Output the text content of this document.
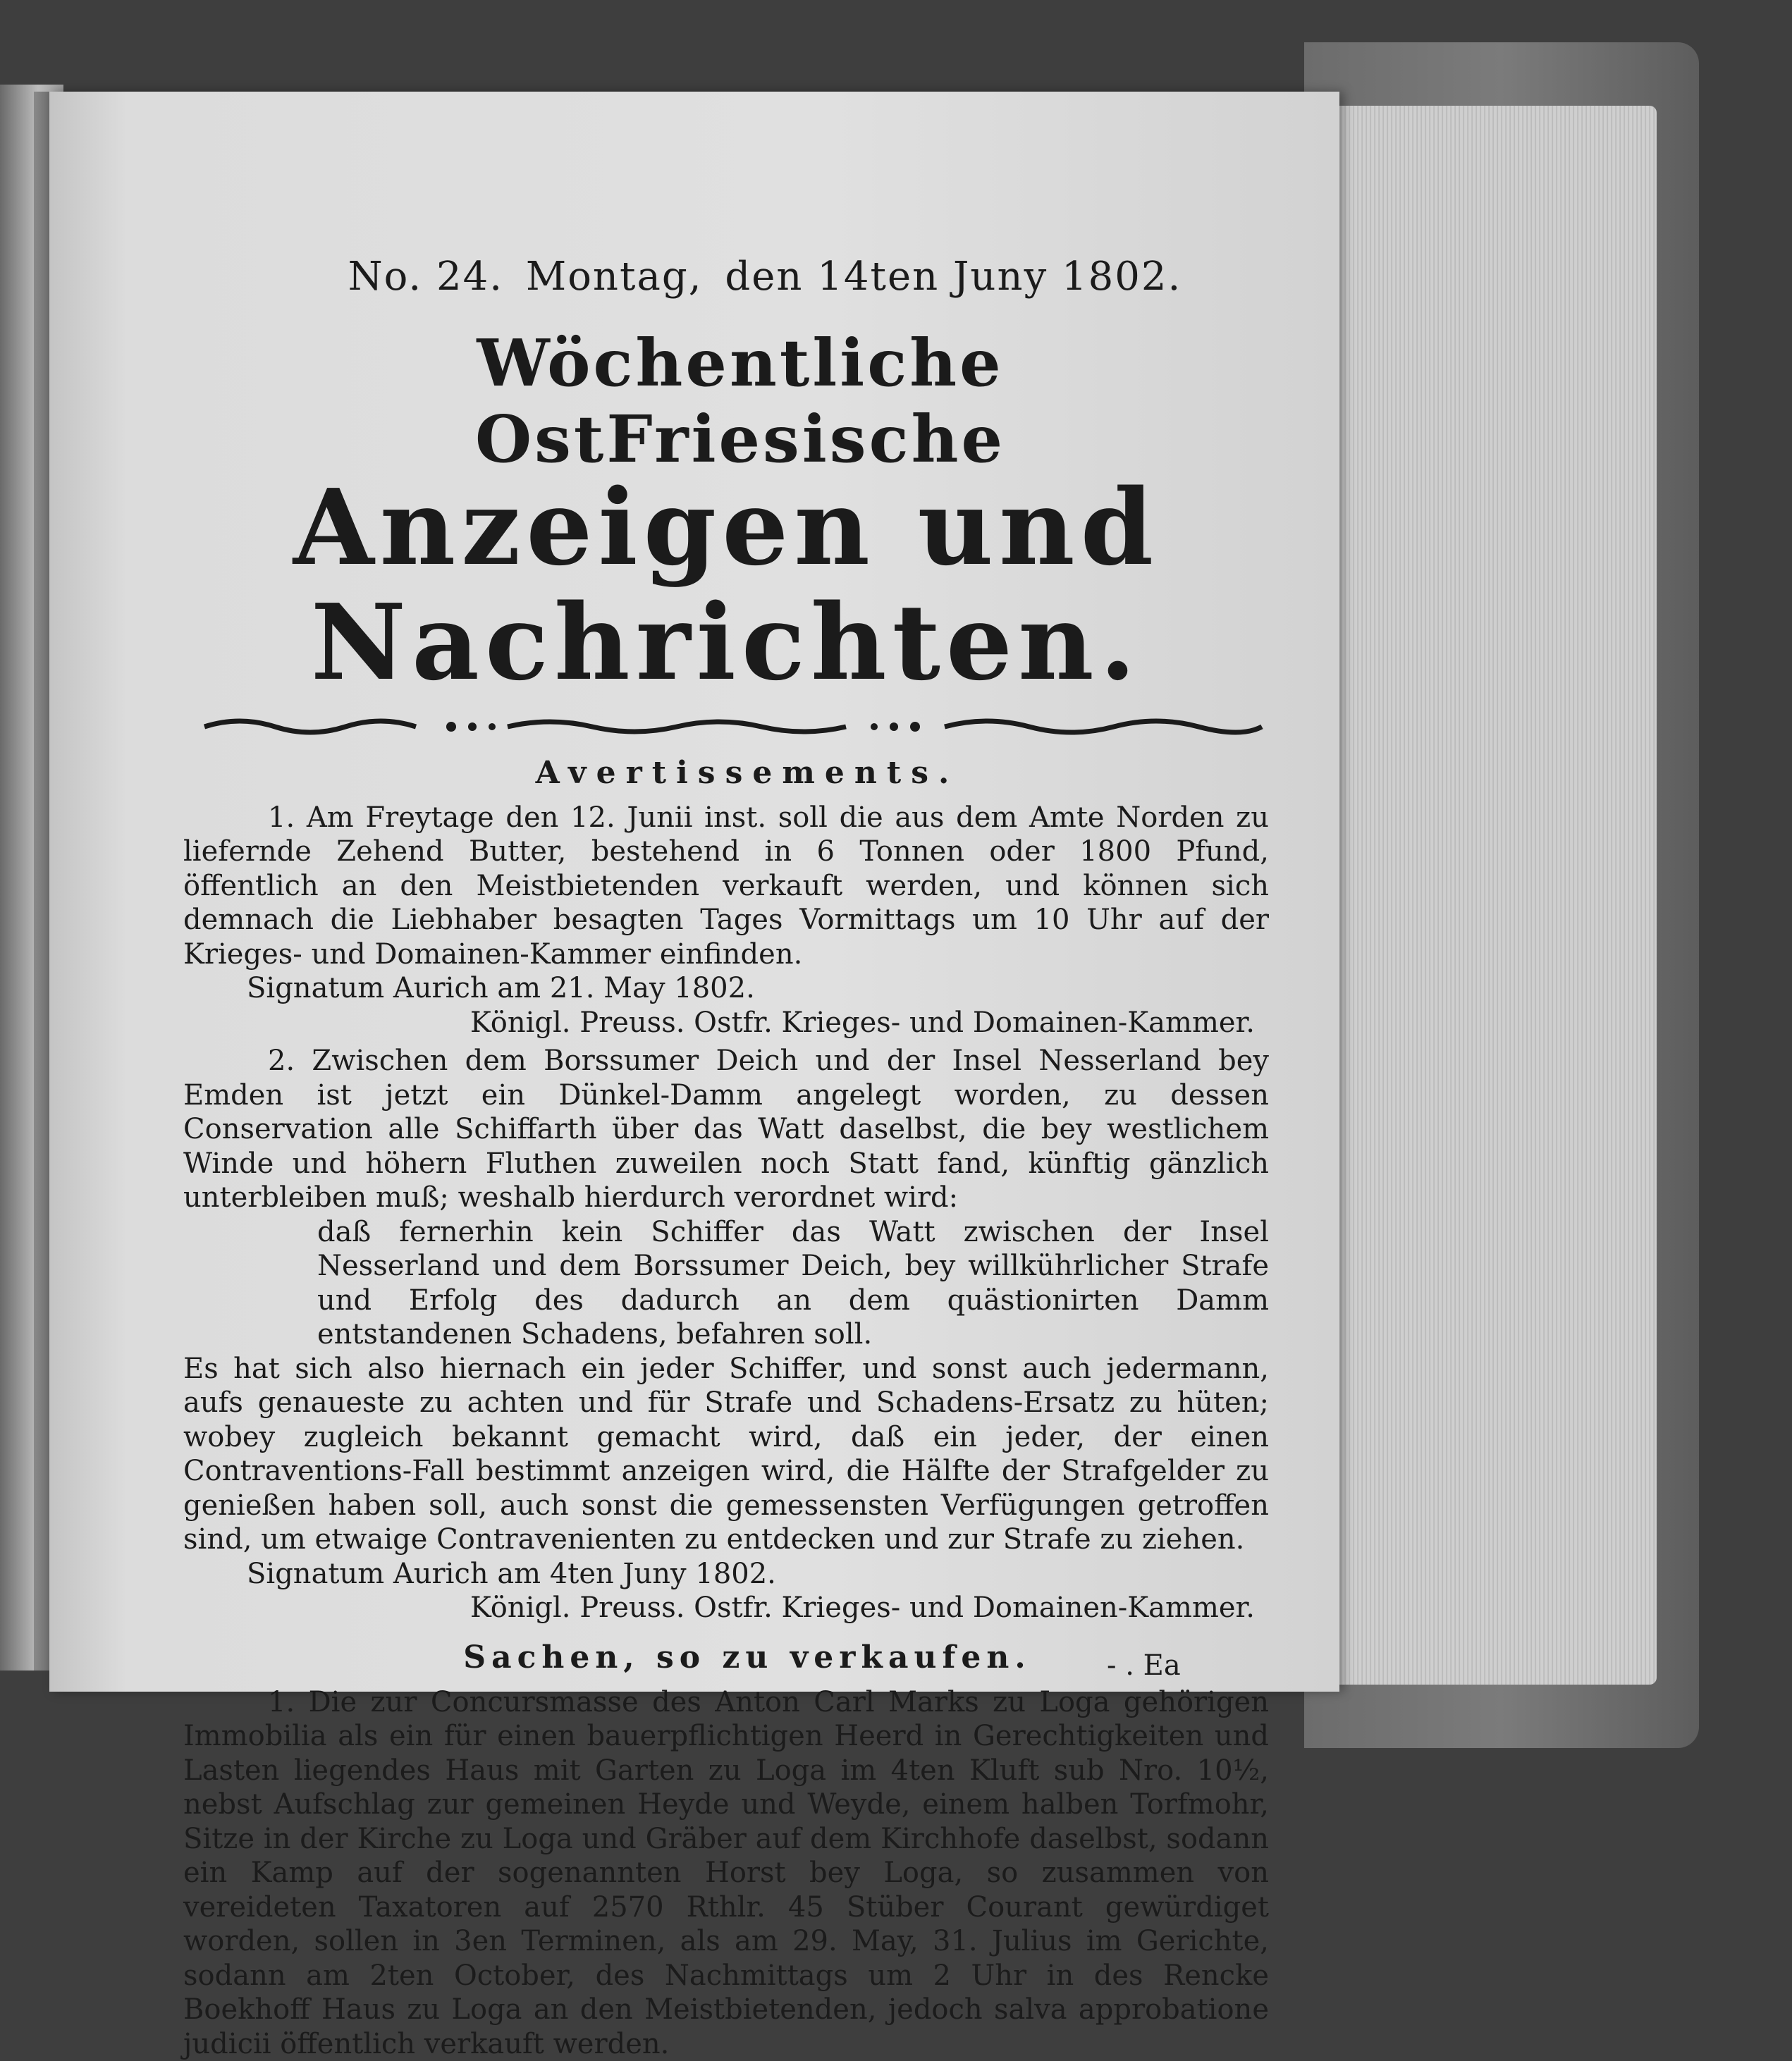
No. 24. Montag, den 14ten Juny 1802.
Wöchentliche OstFriesische
Anzeigen und Nachrichten.
Avertissements.

1. Am Freytage den 12. Junii inst. soll die aus dem Amte Norden zu liefernde Zehend Butter, bestehend in 6 Tonnen oder 1800 Pfund, öffentlich an den Meistbietenden verkauft werden, und können sich demnach die Liebhaber besagten Tages Vormittags um 10 Uhr auf der Krieges- und Domainen-Kammer einfinden.

Signatum Aurich am 21. May 1802.

Königl. Preuss. Ostfr. Krieges- und Domainen-Kammer.

2. Zwischen dem Borssumer Deich und der Insel Nesserland bey Emden ist jetzt ein Dünkel-Damm angelegt worden, zu dessen Conservation alle Schiffarth über das Watt daselbst, die bey westlichem Winde und höhern Fluthen zuweilen noch Statt fand, künftig gänzlich unterbleiben muß; weshalb hierdurch verordnet wird:

daß fernerhin kein Schiffer das Watt zwischen der Insel Nesserland und dem Borssumer Deich, bey willkührlicher Strafe und Erfolg des dadurch an dem quästionirten Damm entstandenen Schadens, befahren soll.

Es hat sich also hiernach ein jeder Schiffer, und sonst auch jedermann, aufs genaueste zu achten und für Strafe und Schadens-Ersatz zu hüten; wobey zugleich bekannt gemacht wird, daß ein jeder, der einen Contraventions-Fall bestimmt anzeigen wird, die Hälfte der Strafgelder zu genießen haben soll, auch sonst die gemessensten Verfügungen getroffen sind, um etwaige Contravenienten zu entdecken und zur Strafe zu ziehen.

Signatum Aurich am 4ten Juny 1802.

Königl. Preuss. Ostfr. Krieges- und Domainen-Kammer.

Sachen, so zu verkaufen.

1. Die zur Concursmasse des Anton Carl Marks zu Loga gehörigen Immobilia als ein für einen bauerpflichtigen Heerd in Gerechtigkeiten und Lasten liegendes Haus mit Garten zu Loga im 4ten Kluft sub Nro. 10½, nebst Aufschlag zur gemeinen Heyde und Weyde, einem halben Torfmohr, Sitze in der Kirche zu Loga und Gräber auf dem Kirchhofe daselbst, sodann ein Kamp auf der sogenannten Horst bey Loga, so zusammen von vereideten Taxatoren auf 2570 Rthlr. 45 Stüber Courant gewürdiget worden, sollen in 3en Terminen, als am 29. May, 31. Julius im Gerichte, sodann am 2ten October, des Nachmittags um 2 Uhr in des Rencke Boekhoff Haus zu Loga an den Meistbietenden, jedoch salva approbatione judicii öffentlich verkauft werden.

- . Ea
